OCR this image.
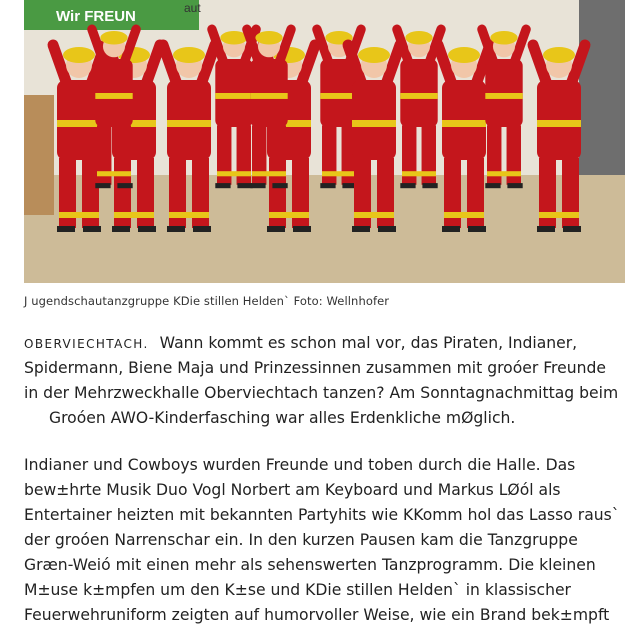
Wir FREUN	aut
J ugendschautanzgruppe ΚDie stillen Helden` Foto: Wellnhofer
OBERVIECHTACH. Wann kommt es schon mal vor, das Piraten, Indianer,
Spidermann, Biene Maja und Prinzessinnen zusammen mit groóer Freunde
in der Mehrzweckhalle Oberviechtach tanzen? Am Sonntagnachmittag beim
Groóen AWO-Kinderfasching war alles Erdenkliche mØglich.
Indianer und Cowboys wurden Freunde und toben durch die Halle. Das
bew±hrte Musik Duo Vogl Norbert am Keyboard und Markus LØól als
Entertainer heizten mit bekannten Partyhits wie ΚKomm hol das Lasso raus`
der groóen Narrenschar ein. In den kurzen Pausen kam die Tanzgruppe
Græn-Weió mit einen mehr als sehenswerten Tanzprogramm. Die kleinen
M±use k±mpfen um den K±se und ΚDie stillen Helden` in klassischer
Feuerwehruniform zeigten auf humorvoller Weise, wie ein Brand bek±mpft
